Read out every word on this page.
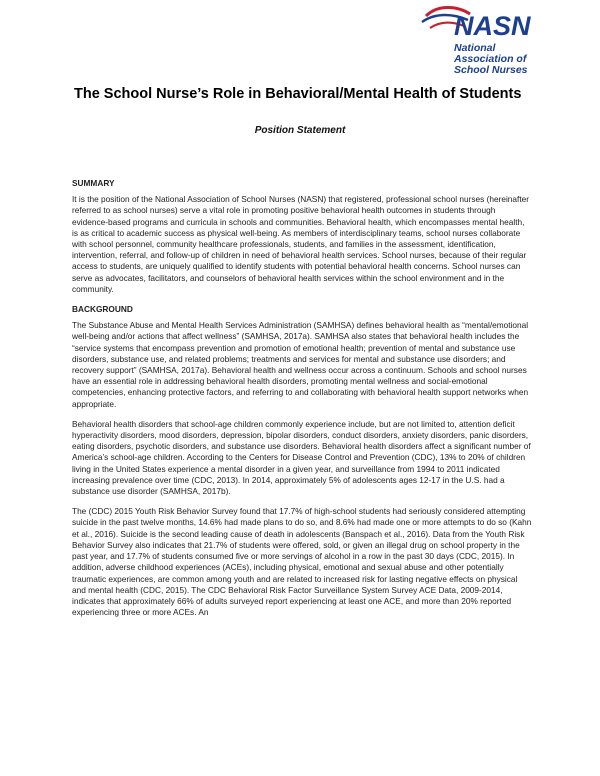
NASN
National
Association of
School Nurses
The School Nurse’s Role in Behavioral/Mental Health of Students
Position Statement
SUMMARY

It is the position of the National Association of School Nurses (NASN) that registered, professional school nurses (hereinafter referred to as school nurses) serve a vital role in promoting positive behavioral health outcomes in students through evidence-based programs and curricula in schools and communities. Behavioral health, which encompasses mental health, is as critical to academic success as physical well-being. As members of interdisciplinary teams, school nurses collaborate with school personnel, community healthcare professionals, students, and families in the assessment, identification, intervention, referral, and follow-up of children in need of behavioral health services. School nurses, because of their regular access to students, are uniquely qualified to identify students with potential behavioral health concerns. School nurses can serve as advocates, facilitators, and counselors of behavioral health services within the school environment and in the community.

BACKGROUND

The Substance Abuse and Mental Health Services Administration (SAMHSA) defines behavioral health as “mental/emotional well-being and/or actions that affect wellness” (SAMHSA, 2017a). SAMHSA also states that behavioral health includes the “service systems that encompass prevention and promotion of emotional health; prevention of mental and substance use disorders, substance use, and related problems; treatments and services for mental and substance use disorders; and recovery support” (SAMHSA, 2017a). Behavioral health and wellness occur across a continuum. Schools and school nurses have an essential role in addressing behavioral health disorders, promoting mental wellness and social-emotional competencies, enhancing protective factors, and referring to and collaborating with behavioral health support networks when appropriate.

Behavioral health disorders that school-age children commonly experience include, but are not limited to, attention deficit hyperactivity disorders, mood disorders, depression, bipolar disorders, conduct disorders, anxiety disorders, panic disorders, eating disorders, psychotic disorders, and substance use disorders. Behavioral health disorders affect a significant number of America’s school-age children. According to the Centers for Disease Control and Prevention (CDC), 13% to 20% of children living in the United States experience a mental disorder in a given year, and surveillance from 1994 to 2011 indicated increasing prevalence over time (CDC, 2013). In 2014, approximately 5% of adolescents ages 12-17 in the U.S. had a substance use disorder (SAMHSA, 2017b).

The (CDC) 2015 Youth Risk Behavior Survey found that 17.7% of high-school students had seriously considered attempting suicide in the past twelve months, 14.6% had made plans to do so, and 8.6% had made one or more attempts to do so (Kahn et al., 2016). Suicide is the second leading cause of death in adolescents (Banspach et al., 2016). Data from the Youth Risk Behavior Survey also indicates that 21.7% of students were offered, sold, or given an illegal drug on school property in the past year, and 17.7% of students consumed five or more servings of alcohol in a row in the past 30 days (CDC, 2015). In addition, adverse childhood experiences (ACEs), including physical, emotional and sexual abuse and other potentially traumatic experiences, are common among youth and are related to increased risk for lasting negative effects on physical and mental health (CDC, 2015). The CDC Behavioral Risk Factor Surveillance System Survey ACE Data, 2009-2014, indicates that approximately 66% of adults surveyed report experiencing at least one ACE, and more than 20% reported experiencing three or more ACEs. An
